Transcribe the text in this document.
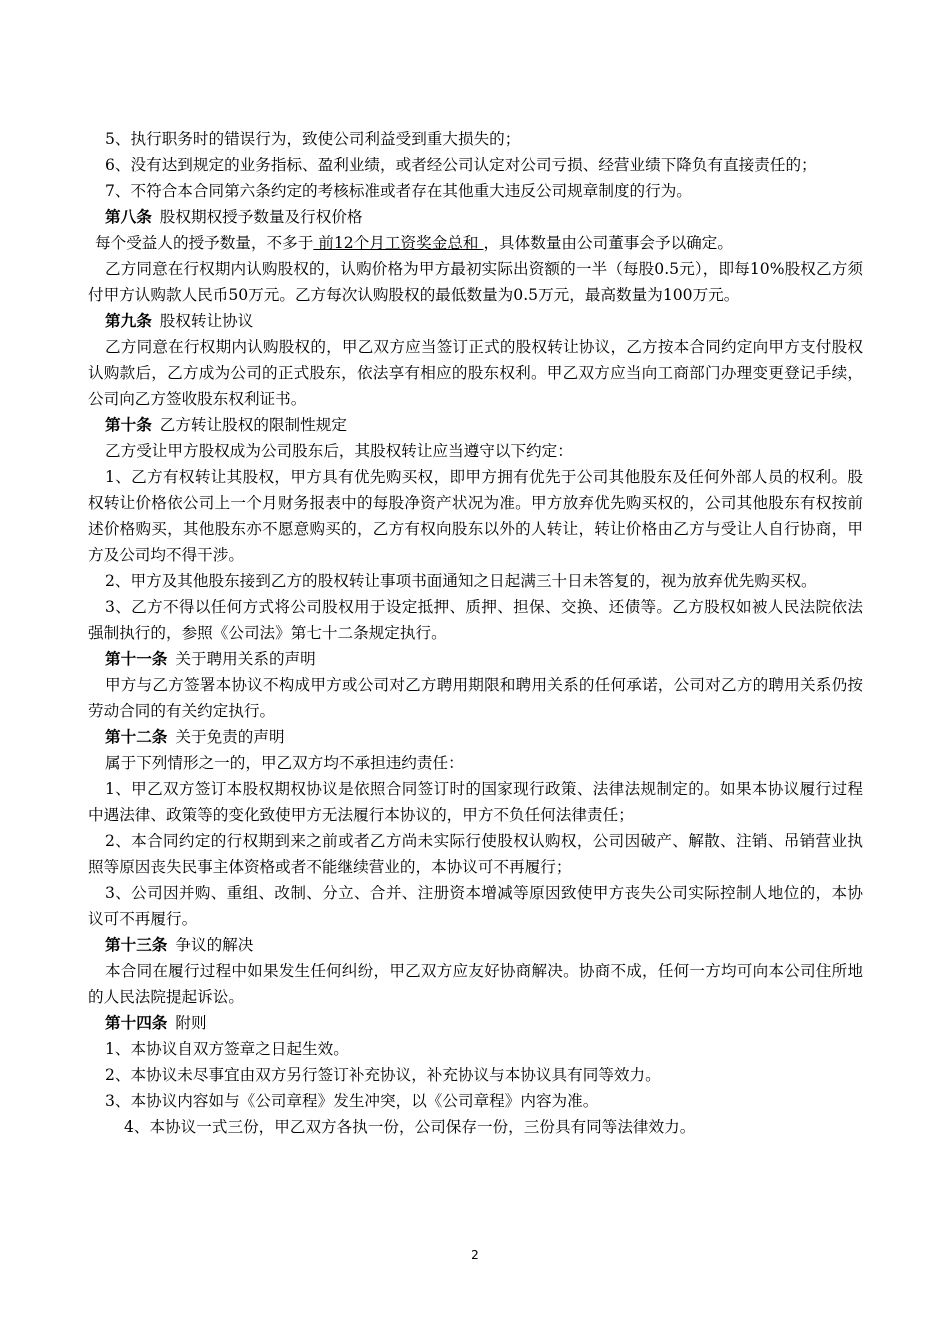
5、执行职务时的错误行为，致使公司利益受到重大损失的；

6、没有达到规定的业务指标、盈利业绩，或者经公司认定对公司亏损、经营业绩下降负有直接责任的；

7、不符合本合同第六条约定的考核标准或者存在其他重大违反公司规章制度的行为。

第八条 股权期权授予数量及行权价格

每个受益人的授予数量，不多于 前12个月工资奖金总和 ，具体数量由公司董事会予以确定。

乙方同意在行权期内认购股权的，认购价格为甲方最初实际出资额的一半（每股0.5元），即每10%股权乙方须付甲方认购款人民币50万元。乙方每次认购股权的最低数量为0.5万元，最高数量为100万元。

第九条 股权转让协议

乙方同意在行权期内认购股权的，甲乙双方应当签订正式的股权转让协议，乙方按本合同约定向甲方支付股权认购款后，乙方成为公司的正式股东，依法享有相应的股东权利。甲乙双方应当向工商部门办理变更登记手续，公司向乙方签收股东权利证书。

第十条 乙方转让股权的限制性规定

乙方受让甲方股权成为公司股东后，其股权转让应当遵守以下约定：

1、乙方有权转让其股权，甲方具有优先购买权，即甲方拥有优先于公司其他股东及任何外部人员的权利。股权转让价格依公司上一个月财务报表中的每股净资产状况为准。甲方放弃优先购买权的，公司其他股东有权按前述价格购买，其他股东亦不愿意购买的，乙方有权向股东以外的人转让，转让价格由乙方与受让人自行协商，甲方及公司均不得干涉。

2、甲方及其他股东接到乙方的股权转让事项书面通知之日起满三十日未答复的，视为放弃优先购买权。

3、乙方不得以任何方式将公司股权用于设定抵押、质押、担保、交换、还债等。乙方股权如被人民法院依法强制执行的，参照《公司法》第七十二条规定执行。

第十一条 关于聘用关系的声明

甲方与乙方签署本协议不构成甲方或公司对乙方聘用期限和聘用关系的任何承诺，公司对乙方的聘用关系仍按劳动合同的有关约定执行。

第十二条 关于免责的声明

属于下列情形之一的，甲乙双方均不承担违约责任：

1、甲乙双方签订本股权期权协议是依照合同签订时的国家现行政策、法律法规制定的。如果本协议履行过程中遇法律、政策等的变化致使甲方无法履行本协议的，甲方不负任何法律责任；

2、本合同约定的行权期到来之前或者乙方尚未实际行使股权认购权，公司因破产、解散、注销、吊销营业执照等原因丧失民事主体资格或者不能继续营业的，本协议可不再履行；

3、公司因并购、重组、改制、分立、合并、注册资本增减等原因致使甲方丧失公司实际控制人地位的，本协议可不再履行。

第十三条 争议的解决

本合同在履行过程中如果发生任何纠纷，甲乙双方应友好协商解决。协商不成，任何一方均可向本公司住所地的人民法院提起诉讼。

第十四条 附则

1、本协议自双方签章之日起生效。

2、本协议未尽事宜由双方另行签订补充协议，补充协议与本协议具有同等效力。

3、本协议内容如与《公司章程》发生冲突，以《公司章程》内容为准。

4、本协议一式三份，甲乙双方各执一份，公司保存一份，三份具有同等法律效力。

2
